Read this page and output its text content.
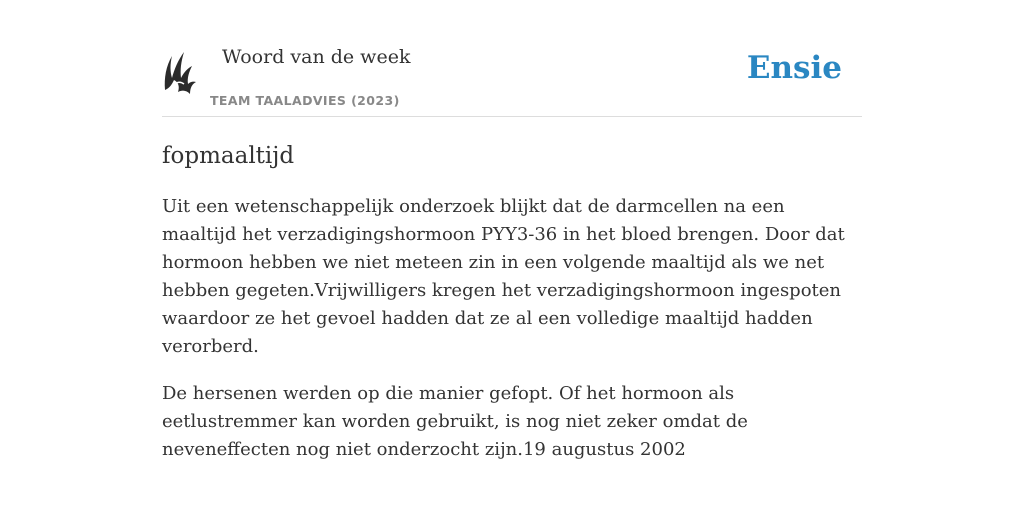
Woord van de week
TEAM TAALADVIES (2023)
Ensie
fopmaaltijd

Uit een wetenschappelijk onderzoek blijkt dat de darmcellen na een maaltijd het verzadigingshormoon PYY3-36 in het bloed brengen. Door dat hormoon hebben we niet meteen zin in een volgende maaltijd als we net hebben gegeten.Vrijwilligers kregen het verzadigingshormoon ingespoten waardoor ze het gevoel hadden dat ze al een volledige maaltijd hadden verorberd.

De hersenen werden op die manier gefopt. Of het hormoon als eetlustremmer kan worden gebruikt, is nog niet zeker omdat de neveneffecten nog niet onderzocht zijn.19 augustus 2002
